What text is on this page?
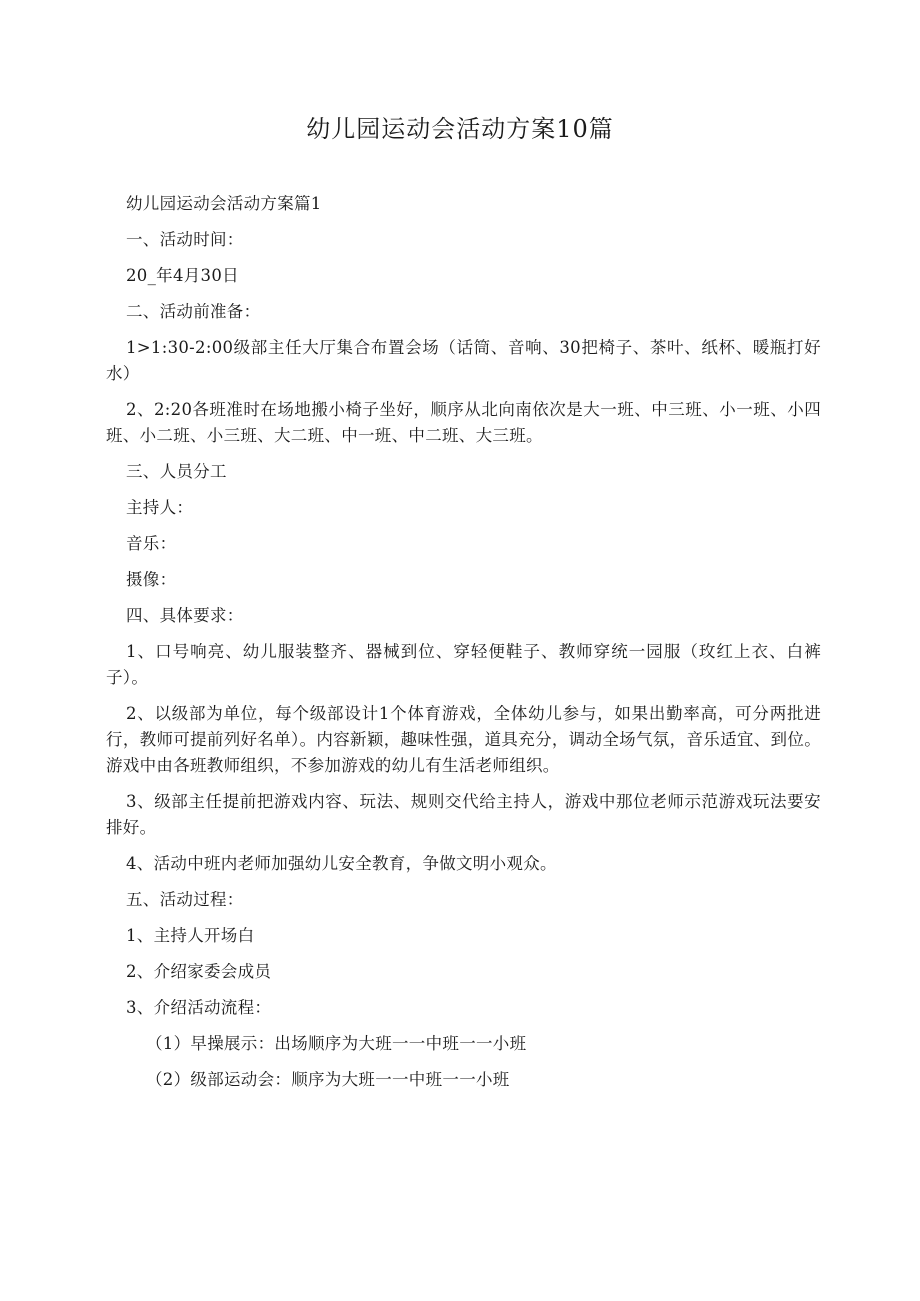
幼儿园运动会活动方案10篇

幼儿园运动会活动方案篇1

一、活动时间：

20_年4月30日

二、活动前准备：

1>1:30-2:00级部主任大厅集合布置会场（话筒、音响、30把椅子、茶叶、纸杯、暖瓶打好水）

2、2:20各班准时在场地搬小椅子坐好，顺序从北向南依次是大一班、中三班、小一班、小四班、小二班、小三班、大二班、中一班、中二班、大三班。

三、人员分工

主持人：

音乐：

摄像：

四、具体要求：

1、口号响亮、幼儿服装整齐、器械到位、穿轻便鞋子、教师穿统一园服（玫红上衣、白裤子）。

2、以级部为单位，每个级部设计1个体育游戏，全体幼儿参与，如果出勤率高，可分两批进行，教师可提前列好名单）。内容新颖，趣味性强，道具充分，调动全场气氛，音乐适宜、到位。游戏中由各班教师组织，不参加游戏的幼儿有生活老师组织。

3、级部主任提前把游戏内容、玩法、规则交代给主持人，游戏中那位老师示范游戏玩法要安排好。

4、活动中班内老师加强幼儿安全教育，争做文明小观众。

五、活动过程：

1、主持人开场白

2、介绍家委会成员

3、介绍活动流程：

（1）早操展示：出场顺序为大班一一中班一一小班

（2）级部运动会：顺序为大班一一中班一一小班
